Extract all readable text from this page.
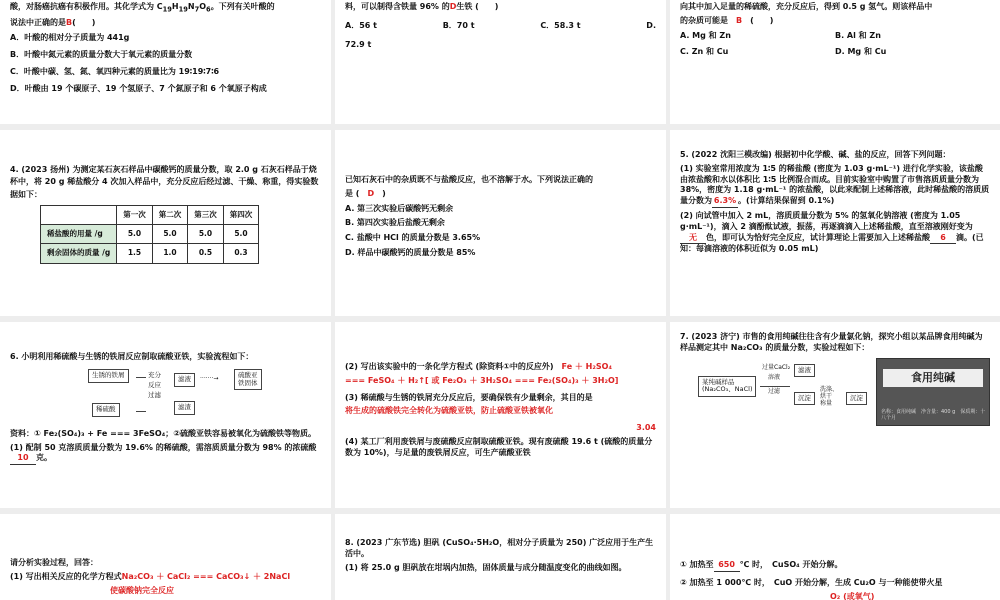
酸，对肠癌抗癌有积极作用。其化学式为 $C_{19}H_{19}N_7O_6$。下列有关叶酸的

说法中正确的是B(　　)

A．叶酸的相对分子质量为 441g

B．叶酸中氮元素的质量分数大于氧元素的质量分数

C．叶酸中碳、氢、氮、氧四种元素的质量比为 19∶19∶7∶6

D．叶酸由 19 个碳原子、19 个氢原子、7 个氮原子和 6 个氧原子构成

料，可以制得含铁量 96% 的D生铁 (　　)

A．56 t	B．70 t	C．58.3 t	D.

72.9 t

向其中加入足量的稀硫酸，充分反应后，得到 0.5 g 氢气。则该样品中

的杂质可能是　 B　 (　　)

A. Mg 和 Zn	B. Al 和 Zn
C. Zn 和 Cu	D. Mg 和 Cu

4. (2023 扬州) 为测定某石灰石样品中碳酸钙的质量分数，取 2.0 g 石灰石样品于烧杯中，将 20 g 稀盐酸分 4 次加入样品中，充分反应后经过滤、干燥、称重，得实验数据如下：

	第一次	第二次	第三次	第四次
稀盐酸的用量 /g	5.0	5.0	5.0	5.0
剩余固体的质量 /g	1.5	1.0	0.5	0.3

已知石灰石中的杂质既不与盐酸反应，也不溶解于水。下列说法正确的

是 (　 D　 )

A. 第三次实验后碳酸钙无剩余

B. 第四次实验后盐酸无剩余

C. 盐酸中 HCl 的质量分数是 3.65%

D. 样品中碳酸钙的质量分数是 85%

5. (2022 沈阳三模改编) 根据初中化学酸、碱、盐的反应，回答下列问题：

(1) 实验室常用浓度为 1∶5 的稀盐酸 (密度为 1.03 g·mL⁻¹) 进行化学实验，该盐酸由浓盐酸和水以体积比 1∶5 比例混合而成。目前实验室中购置了市售溶质质量分数为 38%，密度为 1.18 g·mL⁻¹ 的浓盐酸，以此来配制上述稀溶液，此时稀盐酸的溶质质量分数为 6.3% 。(计算结果保留到 0.1%)

(2) 向试管中加入 2 mL，溶质质量分数为 5% 的氢氧化钠溶液 (密度为 1.05 g·mL⁻¹)，滴入 2 滴酚酞试液，振荡，再逐滴滴入上述稀盐酸，直至溶液刚好变为无 色，即可认为恰好完全反应，试计算理论上需要加入上述稀盐酸 6 滴。(已知：每滴溶液的体积近似为 0.05 mL)

6. 小明利用稀硫酸与生锈的铁屑反应制取硫酸亚铁，实验流程如下：

生锈的铁屑
稀硫酸
充分
反应
过滤
滤液
滤渣
·······→	硫酸亚
铁固体

资料：① Fe₂(SO₄)₃ + Fe === 3FeSO₄；②硫酸亚铁容易被氧化为硫酸铁等物质。

(1) 配制 50 克溶质质量分数为 19.6% 的稀硫酸，需溶质质量分数为 98% 的浓硫酸10 克。

(2) 写出该实验中的一条化学方程式 (除资料①中的反应外)　 Fe ＋ H₂SO₄

=== FeSO₄ ＋ H₂↑[ 或 Fe₂O₃ ＋ 3H₂SO₄ === Fe₂(SO₄)₃ ＋ 3H₂O]

(3) 稀硫酸与生锈的铁屑充分反应后，要确保铁有少量剩余，其目的是

将生成的硫酸铁完全转化为硫酸亚铁，防止硫酸亚铁被氧化

3.04

(4) 某工厂利用废铁屑与废硫酸反应制取硫酸亚铁。现有废硫酸 19.6 t (硫酸的质量分数为 10%)，与足量的废铁屑反应，可生产硫酸亚铁

7. (2023 济宁) 市售的食用纯碱往往含有少量氯化钠，探究小组以某品牌食用纯碱为样品测定其中 Na₂CO₃ 的质量分数，实验过程如下：

某纯碱样品
(Na₂CO₃、NaCl)
过量CaCl₂
溶液
过滤
滤液
沉淀
洗涤、
烘干
称量
沉淀
食用纯碱
名称：食用纯碱　净含量：400 g　保质期：十八个月

请分析实验过程，回答：

(1) 写出相关反应的化学方程式Na₂CO₃ ＋ CaCl₂ === CaCO₃↓ ＋ 2NaCl

使碳酸钠完全反应

8. (2023 广东节选) 胆矾 (CuSO₄·5H₂O，相对分子质量为 250) 广泛应用于生产生活中。

(1) 将 25.0 g 胆矾放在坩埚内加热，固体质量与成分随温度变化的曲线如图。	① 加热至 650 ℃ 时，　CuSO₄ 开始分解。

② 加热至 1 000℃ 时，　CuO 开始分解，生成 Cu₂O 与一种能使带火星

O₂ (或氧气)
